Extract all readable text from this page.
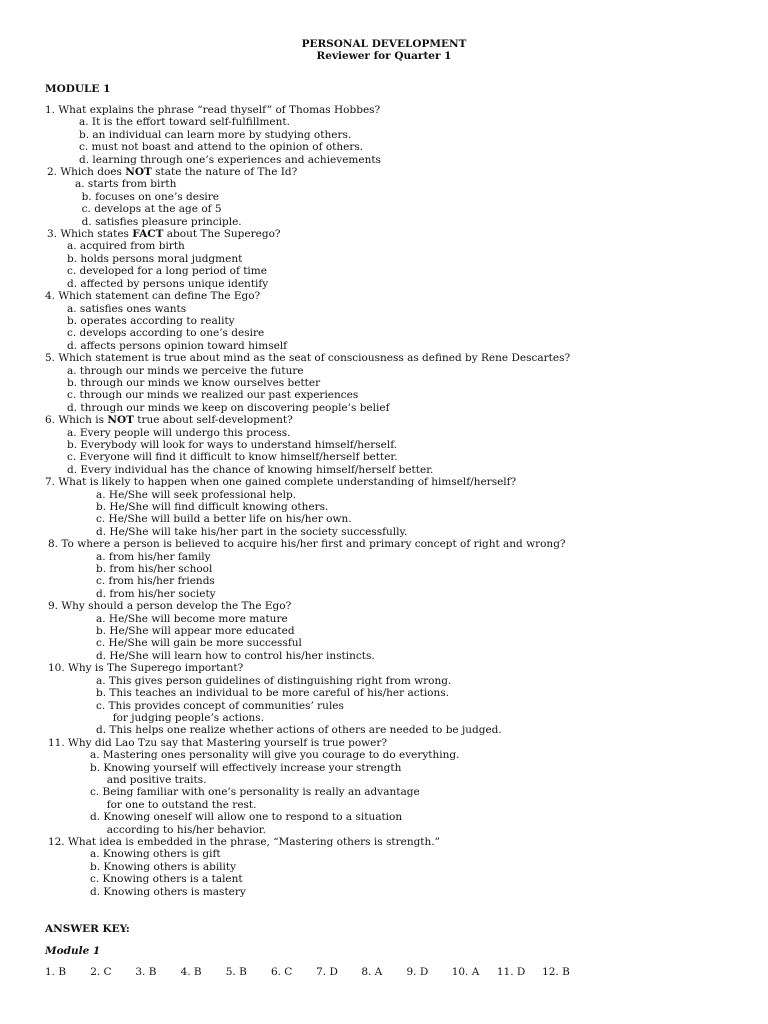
PERSONAL DEVELOPMENT
Reviewer for Quarter 1
MODULE 1
1. What explains the phrase “read thyself” of Thomas Hobbes?
a. It is the effort toward self-fulfillment.
b. an individual can learn more by studying others.
c. must not boast and attend to the opinion of others.
d. learning through one’s experiences and achievements
2. Which does NOT state the nature of The Id?
a. starts from birth
b. focuses on one’s desire
c. develops at the age of 5
d. satisfies pleasure principle.
3. Which states FACT about The Superego?
a. acquired from birth
b. holds persons moral judgment
c. developed for a long period of time
d. affected by persons unique identify
4. Which statement can define The Ego?
a. satisfies ones wants
b. operates according to reality
c. develops according to one’s desire
d. affects persons opinion toward himself
5. Which statement is true about mind as the seat of consciousness as defined by Rene Descartes?
a. through our minds we perceive the future
b. through our minds we know ourselves better
c. through our minds we realized our past experiences
d. through our minds we keep on discovering people’s belief
6. Which is NOT true about self-development?
a. Every people will undergo this process.
b. Everybody will look for ways to understand himself/herself.
c. Everyone will find it difficult to know himself/herself better.
d. Every individual has the chance of knowing himself/herself better.
7. What is likely to happen when one gained complete understanding of himself/herself?
a. He/She will seek professional help.
b. He/She will find difficult knowing others.
c. He/She will build a better life on his/her own.
d. He/She will take his/her part in the society successfully.
8. To where a person is believed to acquire his/her first and primary concept of right and wrong?
a. from his/her family
b. from his/her school
c. from his/her friends
d. from his/her society
9. Why should a person develop the The Ego?
a. He/She will become more mature
b. He/She will appear more educated
c. He/She will gain be more successful
d. He/She will learn how to control his/her instincts.
10. Why is The Superego important?
a. This gives person guidelines of distinguishing right from wrong.
b. This teaches an individual to be more careful of his/her actions.
c. This provides concept of communities’ rules
for judging people’s actions.
d. This helps one realize whether actions of others are needed to be judged.
11. Why did Lao Tzu say that Mastering yourself is true power?
a. Mastering ones personality will give you courage to do everything.
b. Knowing yourself will effectively increase your strength
and positive traits.
c. Being familiar with one’s personality is really an advantage
for one to outstand the rest.
d. Knowing oneself will allow one to respond to a situation
according to his/her behavior.
12. What idea is embedded in the phrase, “Mastering others is strength.”
a. Knowing others is gift
b. Knowing others is ability
c. Knowing others is a talent
d. Knowing others is mastery
ANSWER KEY:
Module 1
1. B 2. C 3. B 4. B 5. B 6. C 7. D 8. A 9. D 10. A 11. D 12. B
